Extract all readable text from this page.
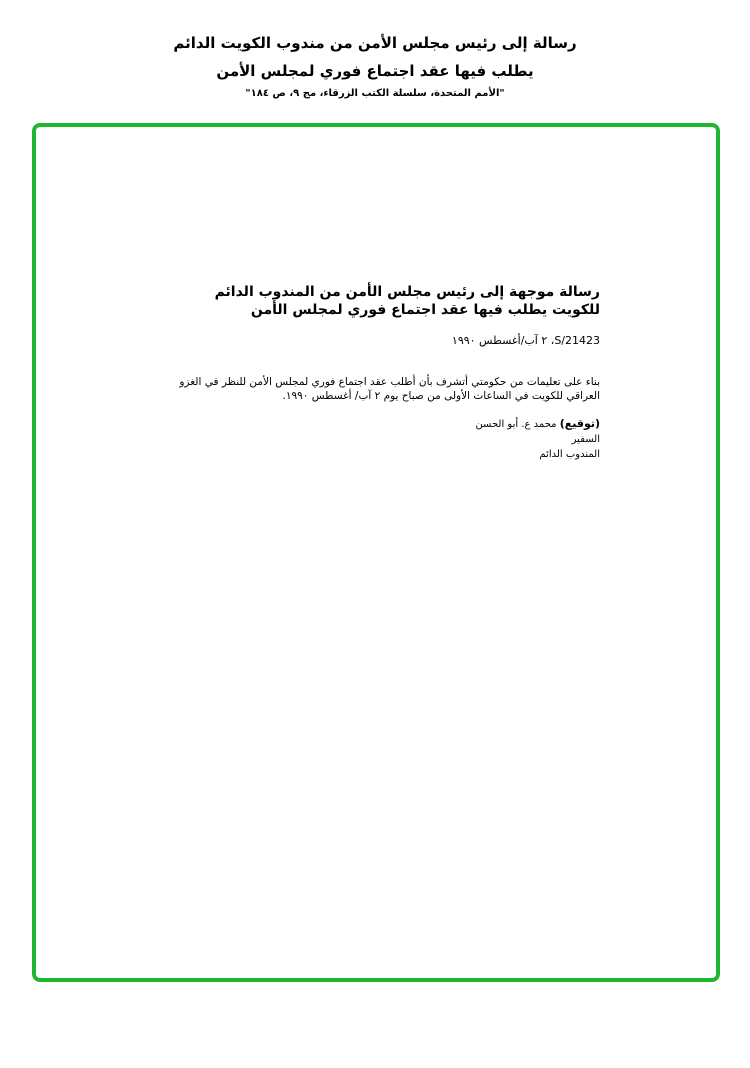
رسالة إلى رئيس مجلس الأمن من مندوب الكويت الدائم
يطلب فيها عقد اجتماع فوري لمجلس الأمن
"الأمم المتحدة، سلسلة الكتب الزرقاء، مج ٩، ص ١٨٤"
رسالة موجهة إلى رئيس مجلس الأمن من المندوب الدائم للكويت يطلب فيها عقد اجتماع فوري لمجلس الأمن
S/21423، ٢ آب/أغسطس ١٩٩٠
بناء على تعليمات من حكومتي أتشرف بأن أطلب عقد اجتماع فوري لمجلس الأمن للنظر في الغزو العراقي للكويت في الساعات الأولى من صباح يوم ٢ آب/ أغسطس ١٩٩٠.
(توقيع) محمد ع. أبو الحسن
السفير
المندوب الدائم
